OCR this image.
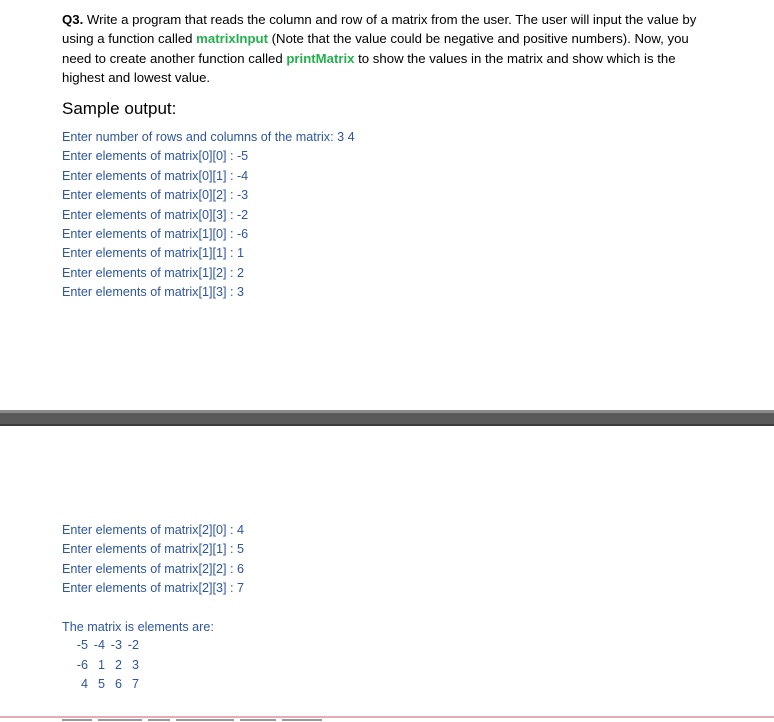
Q3. Write a program that reads the column and row of a matrix from the user. The user will input the value by using a function called matrixInput (Note that the value could be negative and positive numbers). Now, you need to create another function called printMatrix to show the values in the matrix and show which is the highest and lowest value.
Sample output:
Enter number of rows and columns of the matrix: 3 4
Enter elements of matrix[0][0] : -5
Enter elements of matrix[0][1] : -4
Enter elements of matrix[0][2] : -3
Enter elements of matrix[0][3] : -2
Enter elements of matrix[1][0] : -6
Enter elements of matrix[1][1] : 1
Enter elements of matrix[1][2] : 2
Enter elements of matrix[1][3] : 3
Enter elements of matrix[2][0] : 4
Enter elements of matrix[2][1] : 5
Enter elements of matrix[2][2] : 6
Enter elements of matrix[2][3] : 7
The matrix is elements are:
-5 -4 -3 -2
-6 1 2 3
4 5 6 7
